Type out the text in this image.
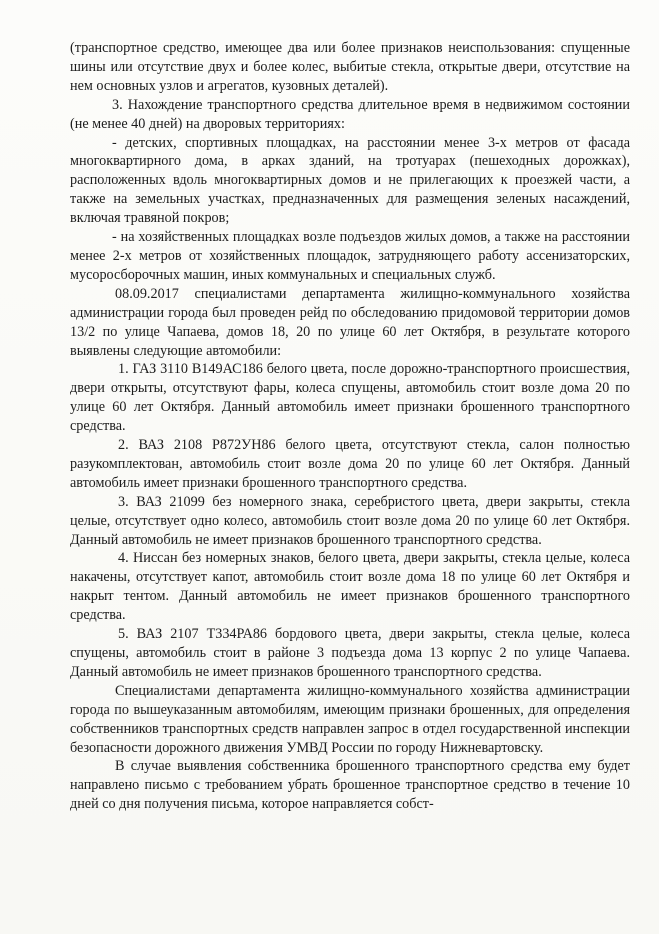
(транспортное средство, имеющее два или более признаков неиспользования: спущенные шины или отсутствие двух и более колес, выбитые стекла, открытые двери, отсутствие на нем основных узлов и агрегатов, кузовных деталей).

3. Нахождение транспортного средства длительное время в недвижимом состоянии (не менее 40 дней) на дворовых территориях:

- детских, спортивных площадках, на расстоянии менее 3-х метров от фасада многоквартирного дома, в арках зданий, на тротуарах (пешеходных дорожках), расположенных вдоль многоквартирных домов и не прилегающих к проезжей части, а также на земельных участках, предназначенных для размещения зеленых насаждений, включая травяной покров;

- на хозяйственных площадках возле подъездов жилых домов, а также на расстоянии менее 2-х метров от хозяйственных площадок, затрудняющего работу ассенизаторских, мусоросборочных машин, иных коммунальных и специальных служб.

08.09.2017 специалистами департамента жилищно-коммунального хозяйства администрации города был проведен рейд по обследованию придомовой территории домов 13/2 по улице Чапаева, домов 18, 20 по улице 60 лет Октября, в результате которого выявлены следующие автомобили:

1. ГАЗ 3110 В149АС186 белого цвета, после дорожно-транспортного происшествия, двери открыты, отсутствуют фары, колеса спущены, автомобиль стоит возле дома 20 по улице 60 лет Октября. Данный автомобиль имеет признаки брошенного транспортного средства.

2. ВАЗ 2108 Р872УН86 белого цвета, отсутствуют стекла, салон полностью разукомплектован, автомобиль стоит возле дома 20 по улице 60 лет Октября. Данный автомобиль имеет признаки брошенного транспортного средства.

3. ВАЗ 21099 без номерного знака, серебристого цвета, двери закрыты, стекла целые, отсутствует одно колесо, автомобиль стоит возле дома 20 по улице 60 лет Октября. Данный автомобиль не имеет признаков брошенного транспортного средства.

4. Ниссан без номерных знаков, белого цвета, двери закрыты, стекла целые, колеса накачены, отсутствует капот, автомобиль стоит возле дома 18 по улице 60 лет Октября и накрыт тентом. Данный автомобиль не имеет признаков брошенного транспортного средства.

5. ВАЗ 2107 Т334РА86 бордового цвета, двери закрыты, стекла целые, колеса спущены, автомобиль стоит в районе 3 подъезда дома 13 корпус 2 по улице Чапаева. Данный автомобиль не имеет признаков брошенного транспортного средства.

Специалистами департамента жилищно-коммунального хозяйства администрации города по вышеуказанным автомобилям, имеющим признаки брошенных, для определения собственников транспортных средств направлен запрос в отдел государственной инспекции безопасности дорожного движения УМВД России по городу Нижневартовску.

В случае выявления собственника брошенного транспортного средства ему будет направлено письмо с требованием убрать брошенное транспортное средство в течение 10 дней со дня получения письма, которое направляется собст-
